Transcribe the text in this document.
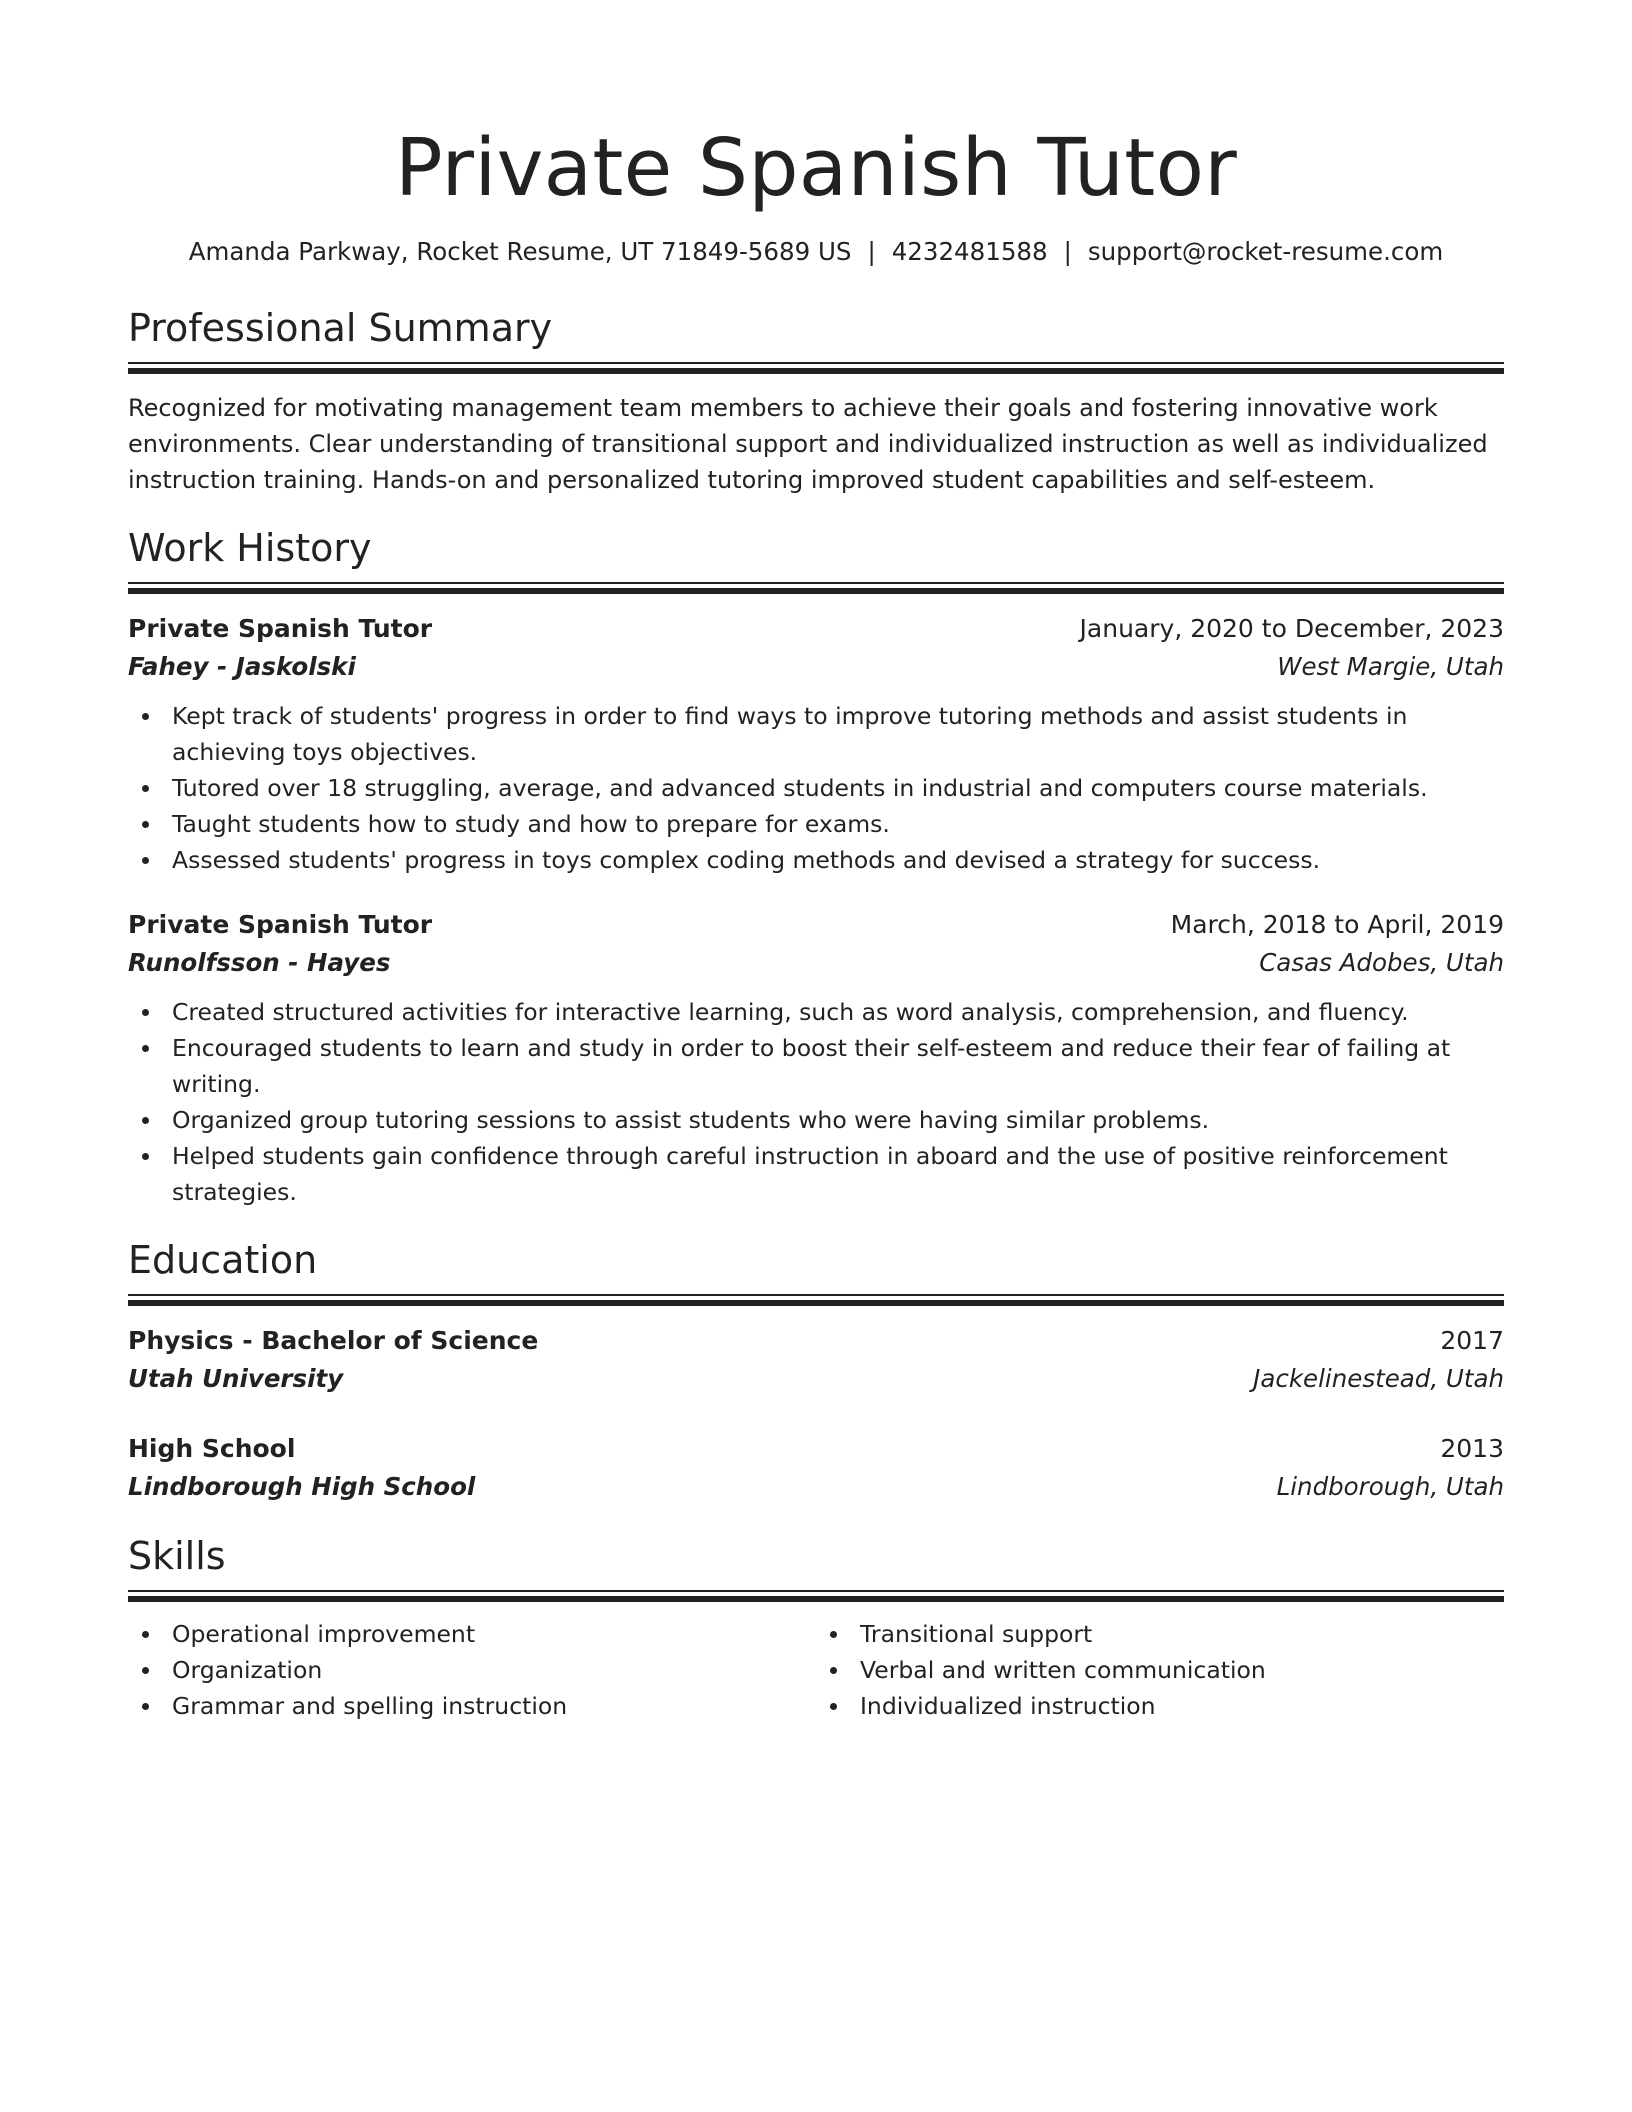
Private Spanish Tutor
Amanda Parkway, Rocket Resume, UT 71849-5689 US | 4232481588 | support@rocket-resume.com
Professional Summary

Recognized for motivating management team members to achieve their goals and fostering innovative work environments. Clear understanding of transitional support and individualized instruction as well as individualized instruction training. Hands-on and personalized tutoring improved student capabilities and self-esteem.

Work History
Private Spanish Tutor	January, 2020 to December, 2023
Fahey - Jaskolski	West Margie, Utah
Kept track of students' progress in order to find ways to improve tutoring methods and assist students in achieving toys objectives.
Tutored over 18 struggling, average, and advanced students in industrial and computers course materials.
Taught students how to study and how to prepare for exams.
Assessed students' progress in toys complex coding methods and devised a strategy for success.
Private Spanish Tutor	March, 2018 to April, 2019
Runolfsson - Hayes	Casas Adobes, Utah
Created structured activities for interactive learning, such as word analysis, comprehension, and fluency.
Encouraged students to learn and study in order to boost their self-esteem and reduce their fear of failing at writing.
Organized group tutoring sessions to assist students who were having similar problems.
Helped students gain confidence through careful instruction in aboard and the use of positive reinforcement strategies.
Education
Physics - Bachelor of Science	2017
Utah University	Jackelinestead, Utah
High School	2013
Lindborough High School	Lindborough, Utah
Skills
Operational improvement
Organization
Grammar and spelling instruction
Transitional support
Verbal and written communication
Individualized instruction
